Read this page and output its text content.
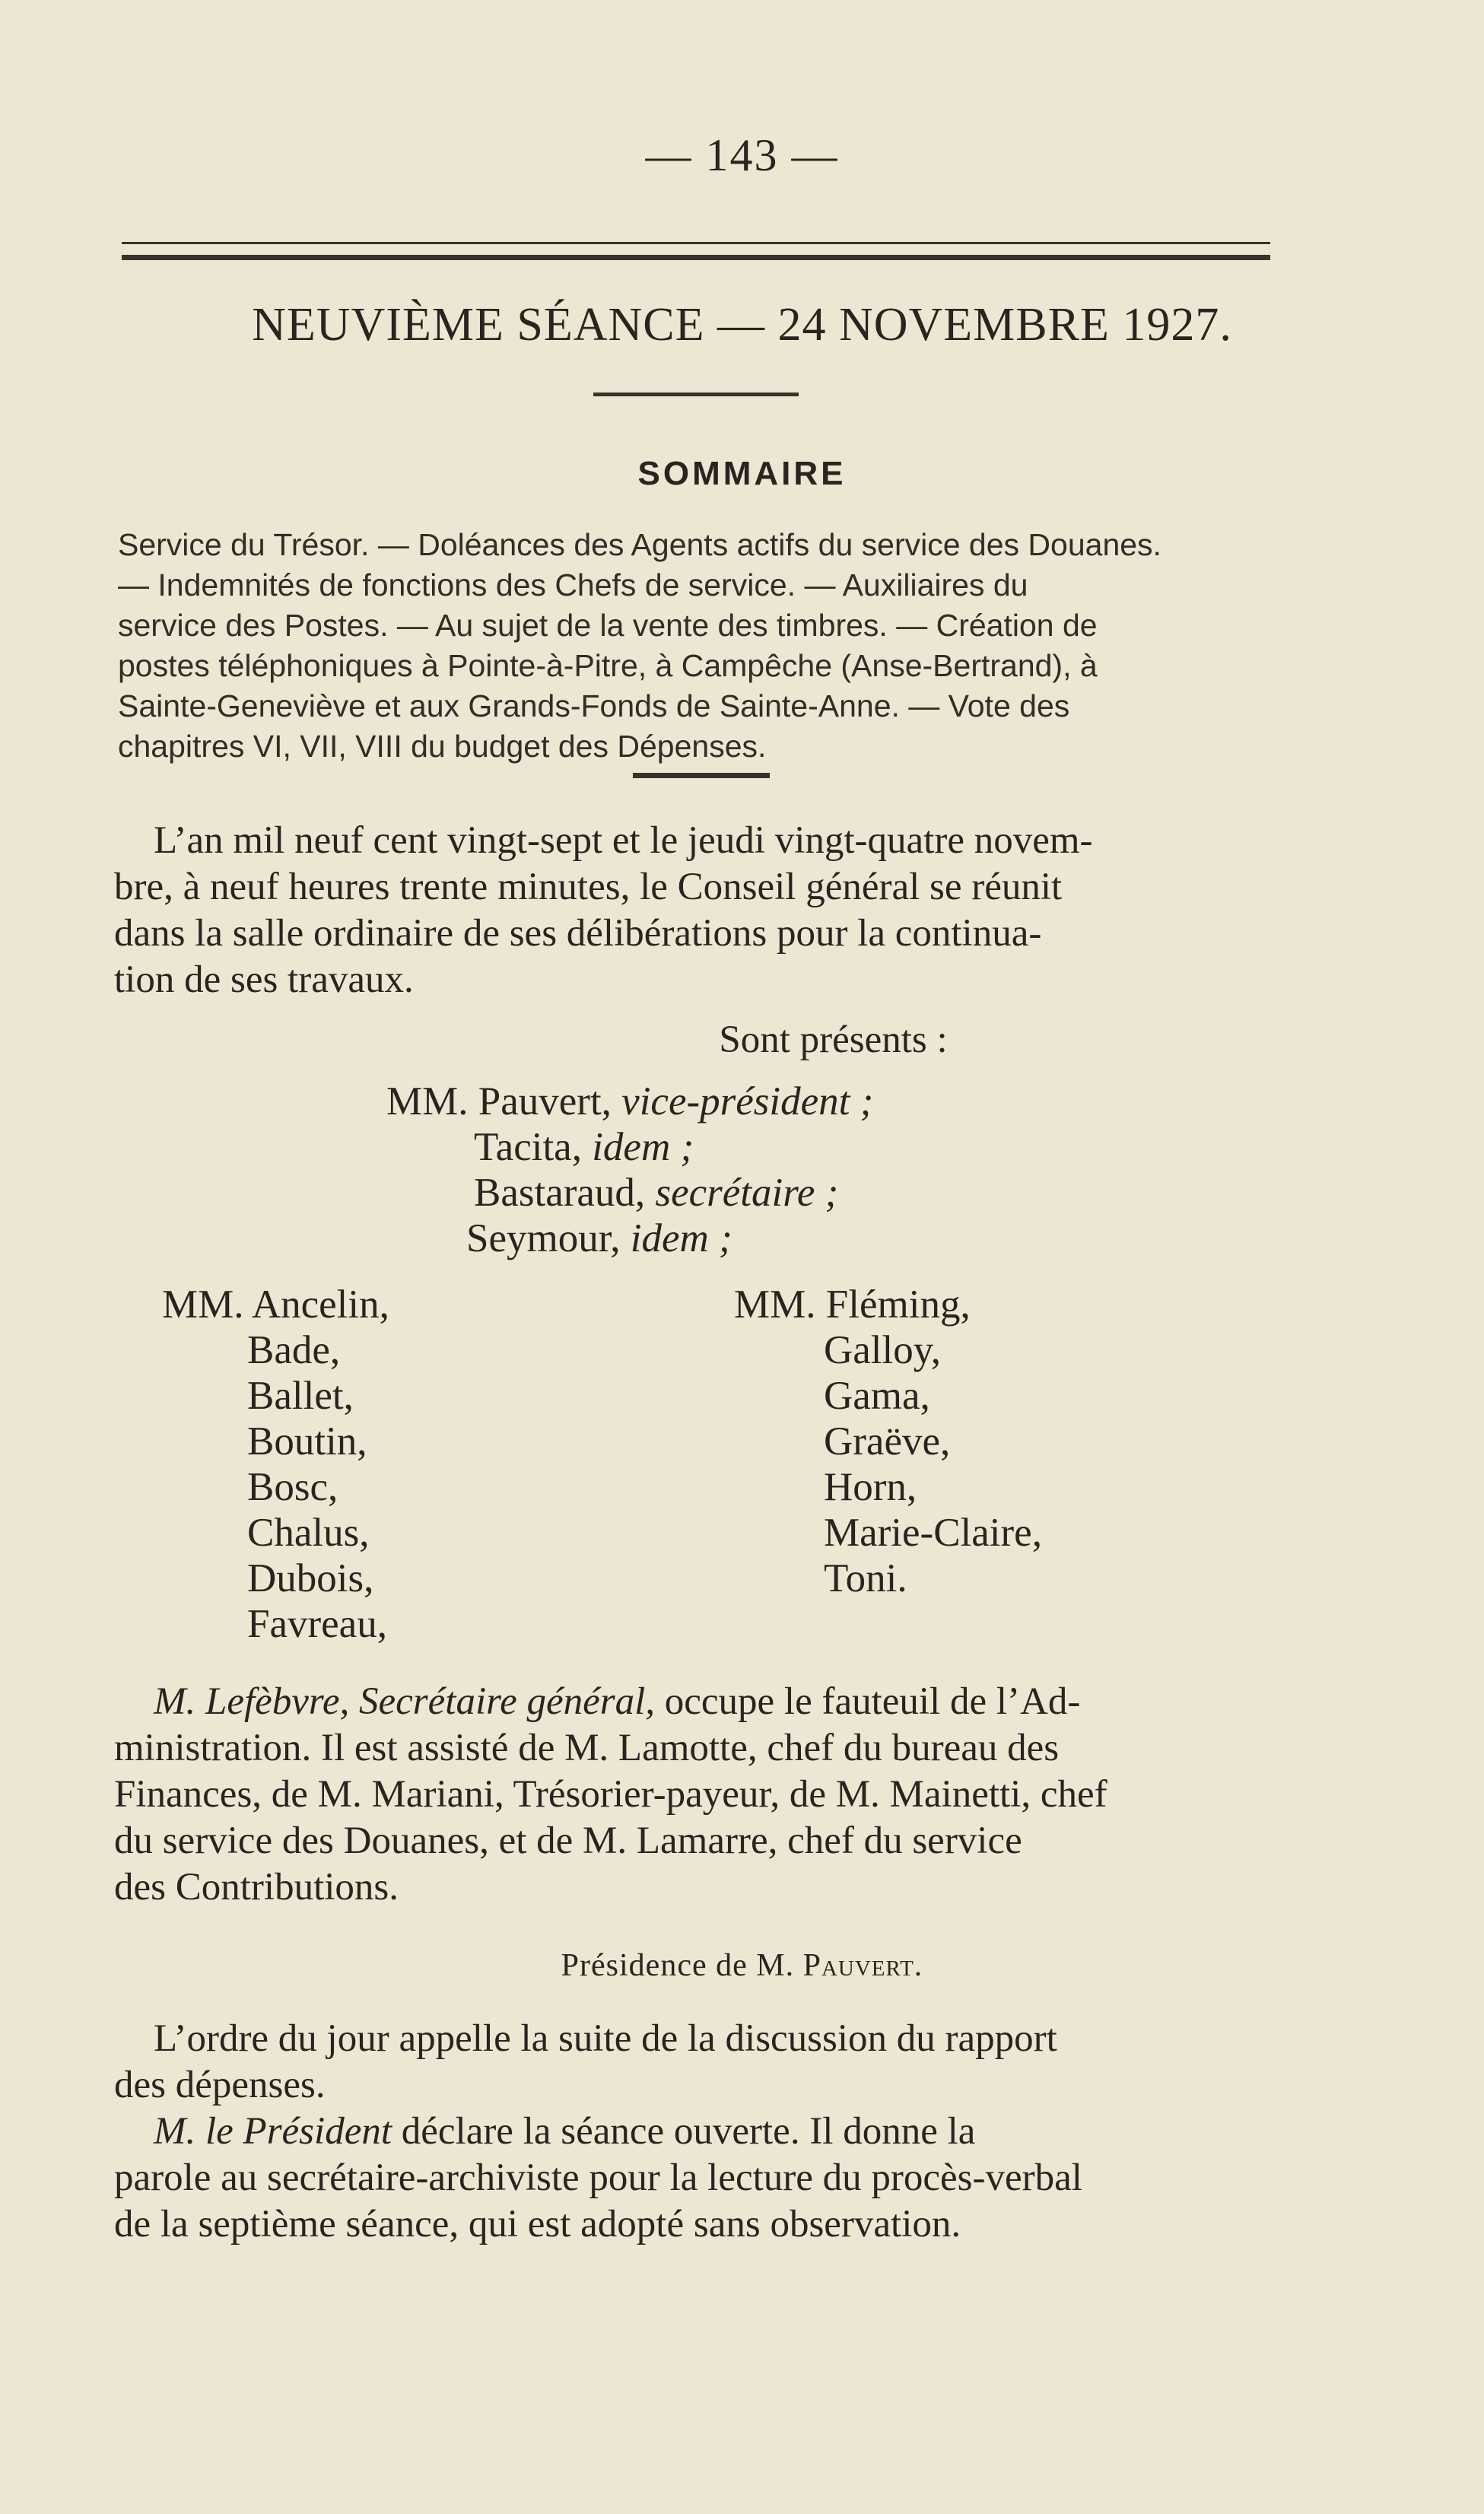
— 143 —
NEUVIÈME SÉANCE — 24 NOVEMBRE 1927.
SOMMAIRE
Service du Trésor. — Doléances des Agents actifs du service des Douanes.
— Indemnités de fonctions des Chefs de service. — Auxiliaires du
service des Postes. — Au sujet de la vente des timbres. — Création de
postes téléphoniques à Pointe-à-Pitre, à Campêche (Anse-Bertrand), à
Sainte-Geneviève et aux Grands-Fonds de Sainte-Anne. — Vote des
chapitres VI, VII, VIII du budget des Dépenses.
L’an mil neuf cent vingt-sept et le jeudi vingt-quatre novem-
bre, à neuf heures trente minutes, le Conseil général se réunit
dans la salle ordinaire de ses délibérations pour la continua-
tion de ses travaux.
Sont présents :
MM. Pauvert, vice-président ;
Tacita, idem ;
Bastaraud, secrétaire ;
Seymour, idem ;
MM. Ancelin,
Bade,
Ballet,
Boutin,
Bosc,
Chalus,
Dubois,
Favreau,
MM. Fléming,
Galloy,
Gama,
Graëve,
Horn,
Marie-Claire,
Toni.
M. Lefèbvre, Secrétaire général, occupe le fauteuil de l’Ad-
ministration. Il est assisté de M. Lamotte, chef du bureau des
Finances, de M. Mariani, Trésorier-payeur, de M. Mainetti, chef
du service des Douanes, et de M. Lamarre, chef du service
des Contributions.
Présidence de M. Pauvert.
L’ordre du jour appelle la suite de la discussion du rapport
des dépenses.
M. le Président déclare la séance ouverte. Il donne la
parole au secrétaire-archiviste pour la lecture du procès-verbal
de la septième séance, qui est adopté sans observation.
